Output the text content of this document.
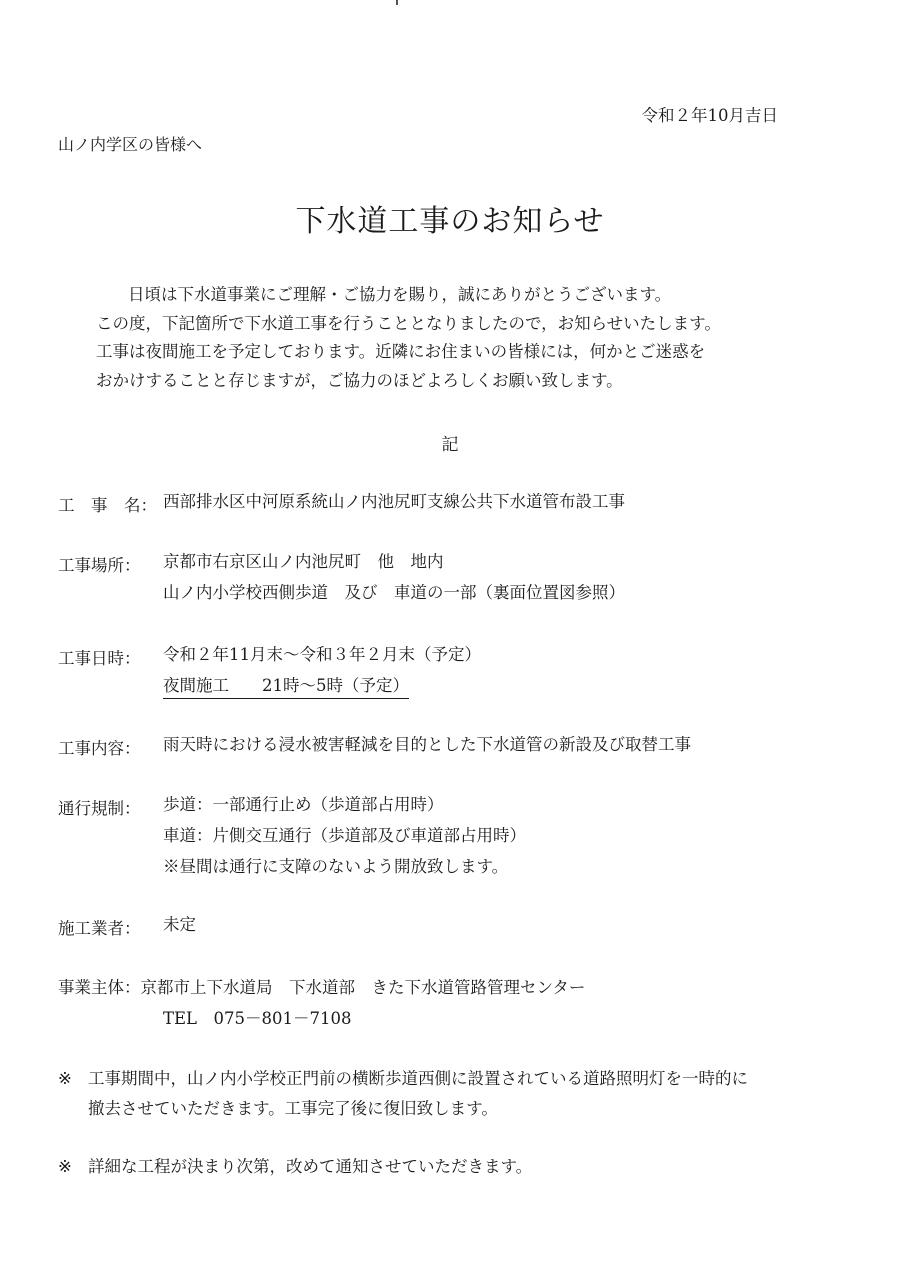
令和２年10月吉日

山ノ内学区の皆様へ

下水道工事のお知らせ
日頃は下水道事業にご理解・ご協力を賜り，誠にありがとうございます。
この度，下記箇所で下水道工事を行うこととなりましたので，お知らせいたします。
工事は夜間施工を予定しております。近隣にお住まいの皆様には，何かとご迷惑を
おかけすることと存じますが，ご協力のほどよろしくお願い致します。

記

工　事　名： 西部排水区中河原系統山ノ内池尻町支線公共下水道管布設工事

工事場所： 京都市右京区山ノ内池尻町　他　地内
山ノ内小学校西側歩道　及び　車道の一部（裏面位置図参照）

工事日時： 令和２年11月末～令和３年２月末（予定）
夜間施工　　21時～5時（予定）

工事内容： 雨天時における浸水被害軽減を目的とした下水道管の新設及び取替工事

通行規制： 歩道：一部通行止め（歩道部占用時）
車道：片側交互通行（歩道部及び車道部占用時）
※昼間は通行に支障のないよう開放致します。

施工業者： 未定

事業主体：京都市上下水道局　下水道部　きた下水道管路管理センター

TEL　075－801－7108

※ 工事期間中，山ノ内小学校正門前の横断歩道西側に設置されている道路照明灯を一時的に
撤去させていただきます。工事完了後に復旧致します。
※ 詳細な工程が決まり次第，改めて通知させていただきます。
